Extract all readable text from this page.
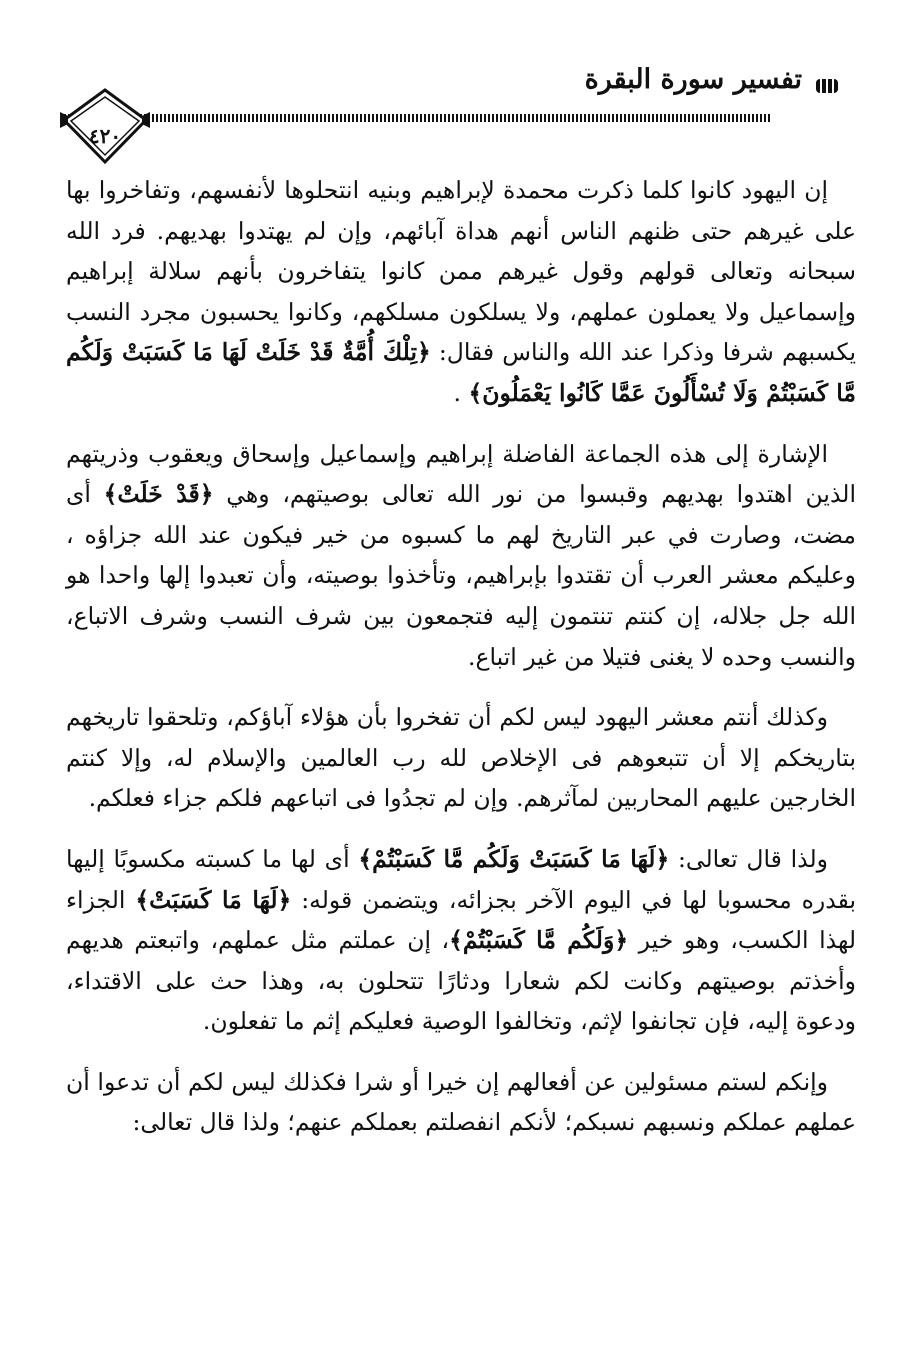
تفسير سورة البقرة
٤٢٠

إن اليهود كانوا كلما ذكرت محمدة لإبراهيم وبنيه انتحلوها لأنفسهم، وتفاخروا بها على غيرهم حتى ظنهم الناس أنهم هداة آبائهم، وإن لم يهتدوا بهديهم. فرد الله سبحانه وتعالى قولهم وقول غيرهم ممن كانوا يتفاخرون بأنهم سلالة إبراهيم وإسماعيل ولا يعملون عملهم، ولا يسلكون مسلكهم، وكانوا يحسبون مجرد النسب يكسبهم شرفا وذكرا عند الله والناس فقال: ﴿تِلْكَ أُمَّةٌ قَدْ خَلَتْ لَهَا مَا كَسَبَتْ وَلَكُم مَّا كَسَبْتُمْ وَلَا تُسْأَلُونَ عَمَّا كَانُوا يَعْمَلُونَ﴾ .

الإشارة إلى هذه الجماعة الفاضلة إبراهيم وإسماعيل وإسحاق ويعقوب وذريتهم الذين اهتدوا بهديهم وقبسوا من نور الله تعالى بوصيتهم، وهي ﴿قَدْ خَلَتْ﴾ أى مضت، وصارت في عبر التاريخ لهم ما كسبوه من خير فيكون عند الله جزاؤه ، وعليكم معشر العرب أن تقتدوا بإبراهيم، وتأخذوا بوصيته، وأن تعبدوا إلها واحدا هو الله جل جلاله، إن كنتم تنتمون إليه فتجمعون بين شرف النسب وشرف الاتباع، والنسب وحده لا يغنى فتيلا من غير اتباع.

وكذلك أنتم معشر اليهود ليس لكم أن تفخروا بأن هؤلاء آباؤكم، وتلحقوا تاريخهم بتاريخكم إلا أن تتبعوهم فى الإخلاص لله رب العالمين والإسلام له، وإلا كنتم الخارجين عليهم المحاربين لمآثرهم. وإن لم تجدُوا فى اتباعهم فلكم جزاء فعلكم.

ولذا قال تعالى: ﴿لَهَا مَا كَسَبَتْ وَلَكُم مَّا كَسَبْتُمْ﴾ أى لها ما كسبته مكسوبًا إليها بقدره محسوبا لها في اليوم الآخر بجزائه، ويتضمن قوله: ﴿لَهَا مَا كَسَبَتْ﴾ الجزاء لهذا الكسب، وهو خير ﴿وَلَكُم مَّا كَسَبْتُمْ﴾، إن عملتم مثل عملهم، واتبعتم هديهم وأخذتم بوصيتهم وكانت لكم شعارا ودثارًا تتحلون به، وهذا حث على الاقتداء، ودعوة إليه، فإن تجانفوا لإثم، وتخالفوا الوصية فعليكم إثم ما تفعلون.

وإنكم لستم مسئولين عن أفعالهم إن خيرا أو شرا فكذلك ليس لكم أن تدعوا أن عملهم عملكم ونسبهم نسبكم؛ لأنكم انفصلتم بعملكم عنهم؛ ولذا قال تعالى:
